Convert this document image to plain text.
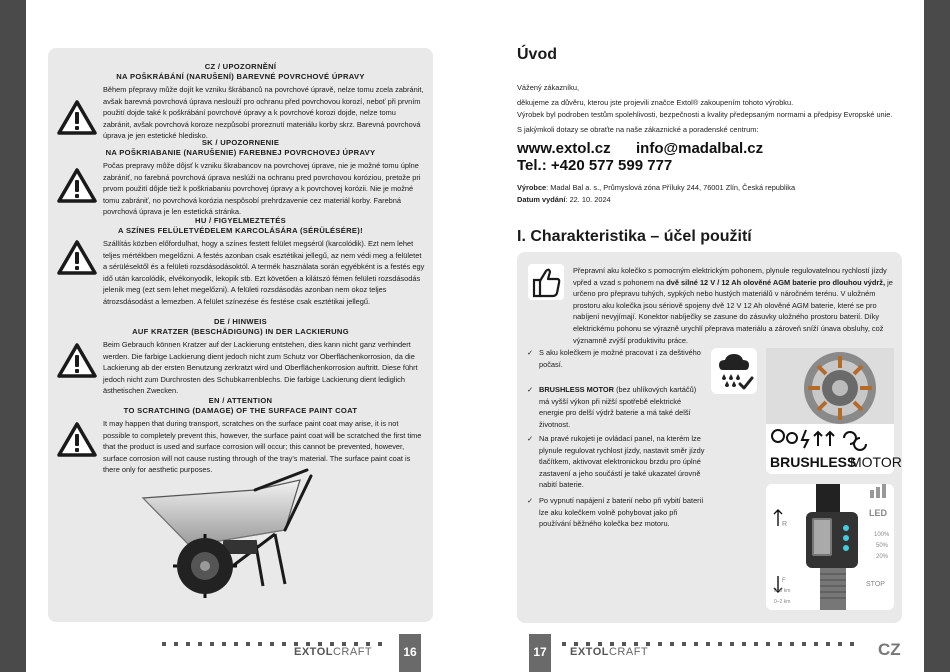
CZ / UPOZORNĚNÍ
NA POŠKRÁBÁNÍ (NARUŠENÍ) BAREVNÉ POVRCHOVÉ ÚPRAVY
Během přepravy může dojít ke vzniku škrábanců na povrchové úpravě, nelze tomu zcela zabránit, avšak barevná povrchová úprava neslouží pro ochranu před povrchovou korozí, neboť při prvním použití dojde také k poškrábání povrchové úpravy a k povrchové korozi dojde, nelze tomu zabránit, avšak povrchová koroze nezpůsobí proreznutí materiálu korby skrz. Barevná povrchová úprava je jen estetické hledisko.
SK / UPOZORNENIE
NA POŠKRIABANIE (NARUŠENIE) FAREBNEJ POVRCHOVEJ ÚPRAVY
Počas prepravy môže dôjsť k vzniku škrabancov na povrchovej úprave, nie je možné tomu úplne zabrániť, no farebná povrchová úprava neslúži na ochranu pred povrchovou koróziou, pretože pri prvom použití dôjde tiež k poškriabaniu povrchovej úpravy a k povrchovej korózii. Nie je možné tomu zabrániť, no povrchová korózia nespôsobí prehrdzavenie cez materiál korby. Farebná povrchová úprava je len estetická stránka.
HU / FIGYELMEZTETÉS
A SZÍNES FELÜLETVÉDELEM KARCOLÁSÁRA (SÉRÜLÉSÉRE)!
Szállítás közben előfordulhat, hogy a színes festett felület megsérül (karcolódik). Ezt nem lehet teljes mértékben megelőzni. A festés azonban csak esztétikai jellegű, az nem védi meg a felületet a sérülésektől és a felületi rozsdásodásoktól. A termék használata során egyébként is a festés egy idő után karcolódik, elvékonyodik, lekopik stb. Ezt követően a kilátszó fémen felületi rozsdásodás jelenik meg (ezt sem lehet megelőzni). A felületi rozsdásodás azonban nem okoz teljes átrozsdásodást a lemezben. A felület színezése és festése csak esztétikai jellegű.
DE / HINWEIS
AUF KRATZER (BESCHÄDIGUNG) IN DER LACKIERUNG
Beim Gebrauch können Kratzer auf der Lackierung entstehen, dies kann nicht ganz verhindert werden. Die farbige Lackierung dient jedoch nicht zum Schutz vor Oberflächenkorrosion, da die Lackierung ab der ersten Benutzung zerkratzt wird und Oberflächenkorrosion auftritt. Diese führt jedoch nicht zum Durchrosten des Schubkarrenblechs. Die farbige Lackierung dient lediglich ästhetischen Zwecken.
EN / ATTENTION
TO SCRATCHING (DAMAGE) OF THE SURFACE PAINT COAT
It may happen that during transport, scratches on the surface paint coat may arise, it is not possible to completely prevent this, however, the surface paint coat will be scratched the first time that the product is used and surface corrosion will occur; this cannot be prevented, however, surface corrosion will not cause rusting through of the tray's material. The surface paint coat is there only for aesthetic purposes.
Úvod
Vážený zákazníku,
děkujeme za důvěru, kterou jste projevili značce Extol® zakoupením tohoto výrobku.
Výrobek byl podroben testům spolehlivosti, bezpečnosti a kvality předepsaným normami a předpisy Evropské unie.
S jakýmkoli dotazy se obraťte na naše zákaznické a poradenské centrum:
www.extol.cz info@madalbal.cz
Tel.: +420 577 599 777
Výrobce: Madal Bal a. s., Průmyslová zóna Příluky 244, 76001 Zlín, Česká republika
Datum vydání: 22. 10. 2024
I. Charakteristika – účel použití
Přepravní aku kolečko s pomocným elektrickým pohonem, plynule regulovatelnou rychlostí jízdy vpřed a vzad s pohonem na dvě silné 12 V / 12 Ah olověné AGM baterie pro dlouhou výdrž, je určeno pro přepravu tuhých, sypkých nebo hustých materiálů v náročném terénu. V uložném prostoru aku kolečka jsou sériově spojeny dvě 12 V 12 Ah olověné AGM baterie, které se pro nabíjení nevyjímají. Konektor nabíječky se zasune do zásuvky uložného prostoru baterií. Díky elektrickému pohonu se výrazně urychlí přeprava materiálu a zároveň sníží únava obsluhy, což významně zvýší produktivitu práce.
✓ S aku kolečkem je možné pracovat i za deštivého počasí.
✓ BRUSHLESS MOTOR (bez uhlíkových kartáčů) má vyšší výkon při nižší spotřebě elektrické energie pro delší výdrž baterie a má také delší životnost.
✓ Na pravé rukojeti je ovládací panel, na kterém lze plynule regulovat rychlost jízdy, nastavit směr jízdy tlačítkem, aktivovat elektronickou brzdu pro úplné zastavení a jeho součástí je také ukazatel úrovně nabití baterie.
✓ Po vypnutí napájení z baterií nebo při vybití baterií lze aku kolečkem volně pohybovat jako při používání běžného kolečka bez motoru.
BRUSHLESS
MOTOR
LED
100%
50%
20%
STOP
R
F
0–6 km
0–2 km
EXTOLCRAFT	16	17	EXTOLCRAFT	CZ
